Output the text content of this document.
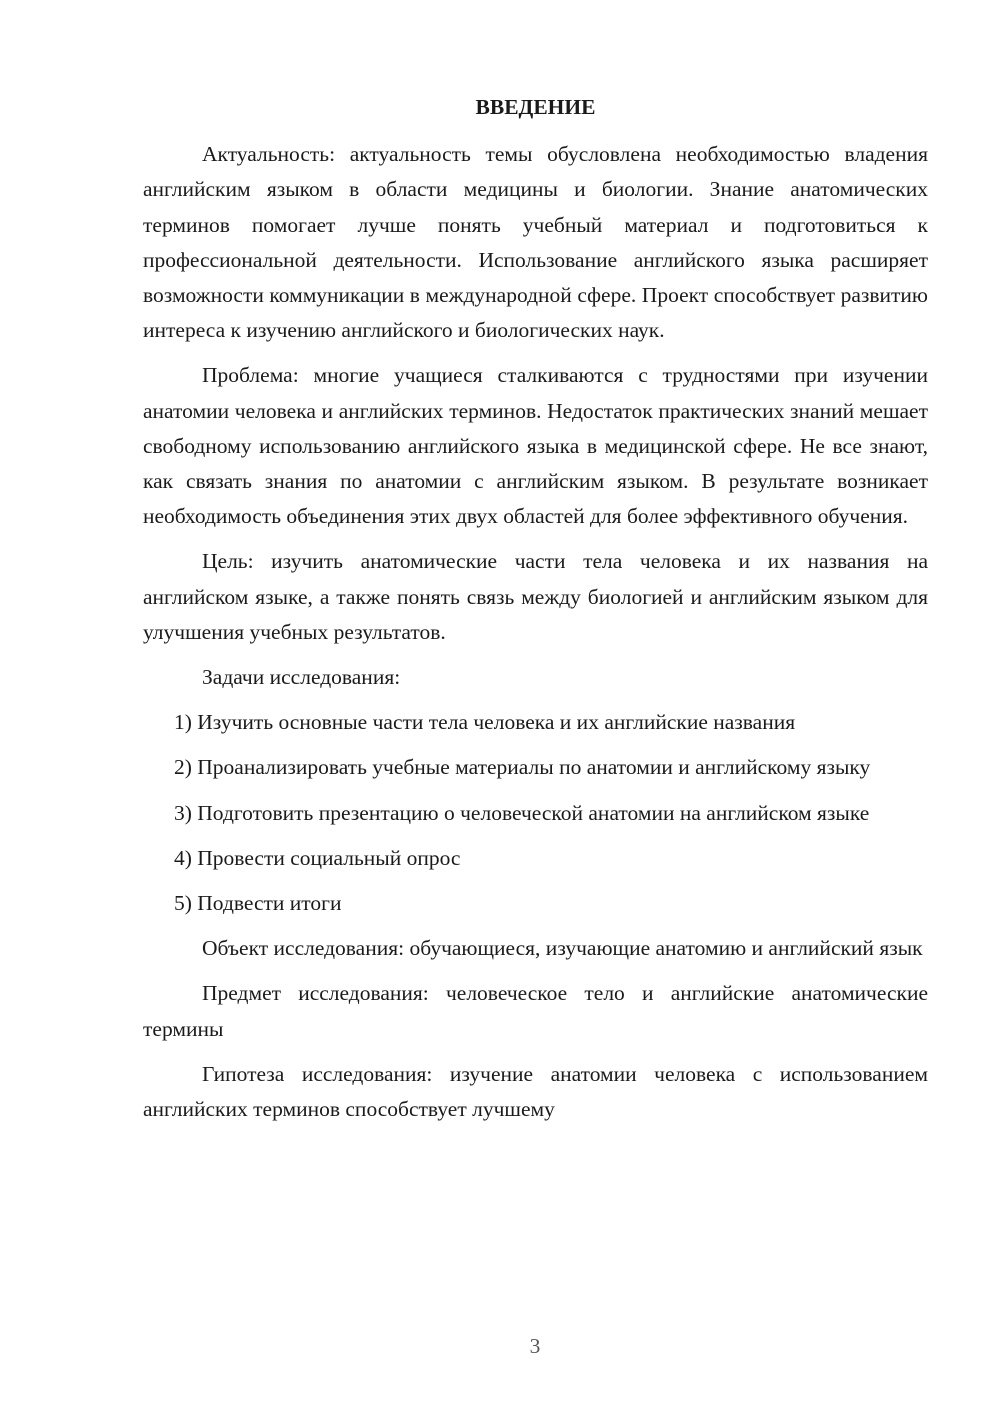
ВВЕДЕНИЕ

Актуальность: актуальность темы обусловлена необходимостью владения английским языком в области медицины и биологии. Знание анатомических терминов помогает лучше понять учебный материал и подготовиться к профессиональной деятельности. Использование английского языка расширяет возможности коммуникации в международной сфере. Проект способствует развитию интереса к изучению английского и биологических наук.

Проблема: многие учащиеся сталкиваются с трудностями при изучении анатомии человека и английских терминов. Недостаток практических знаний мешает свободному использованию английского языка в медицинской сфере. Не все знают, как связать знания по анатомии с английским языком. В результате возникает необходимость объединения этих двух областей для более эффективного обучения.

Цель: изучить анатомические части тела человека и их названия на английском языке, а также понять связь между биологией и английским языком для улучшения учебных результатов.

Задачи исследования:

1) Изучить основные части тела человека и их английские названия

2) Проанализировать учебные материалы по анатомии и английскому языку

3) Подготовить презентацию о человеческой анатомии на английском языке

4) Провести социальный опрос

5) Подвести итоги

Объект исследования: обучающиеся, изучающие анатомию и английский язык

Предмет исследования: человеческое тело и английские анатомические термины

Гипотеза исследования: изучение анатомии человека с использованием английских терминов способствует лучшему

3
